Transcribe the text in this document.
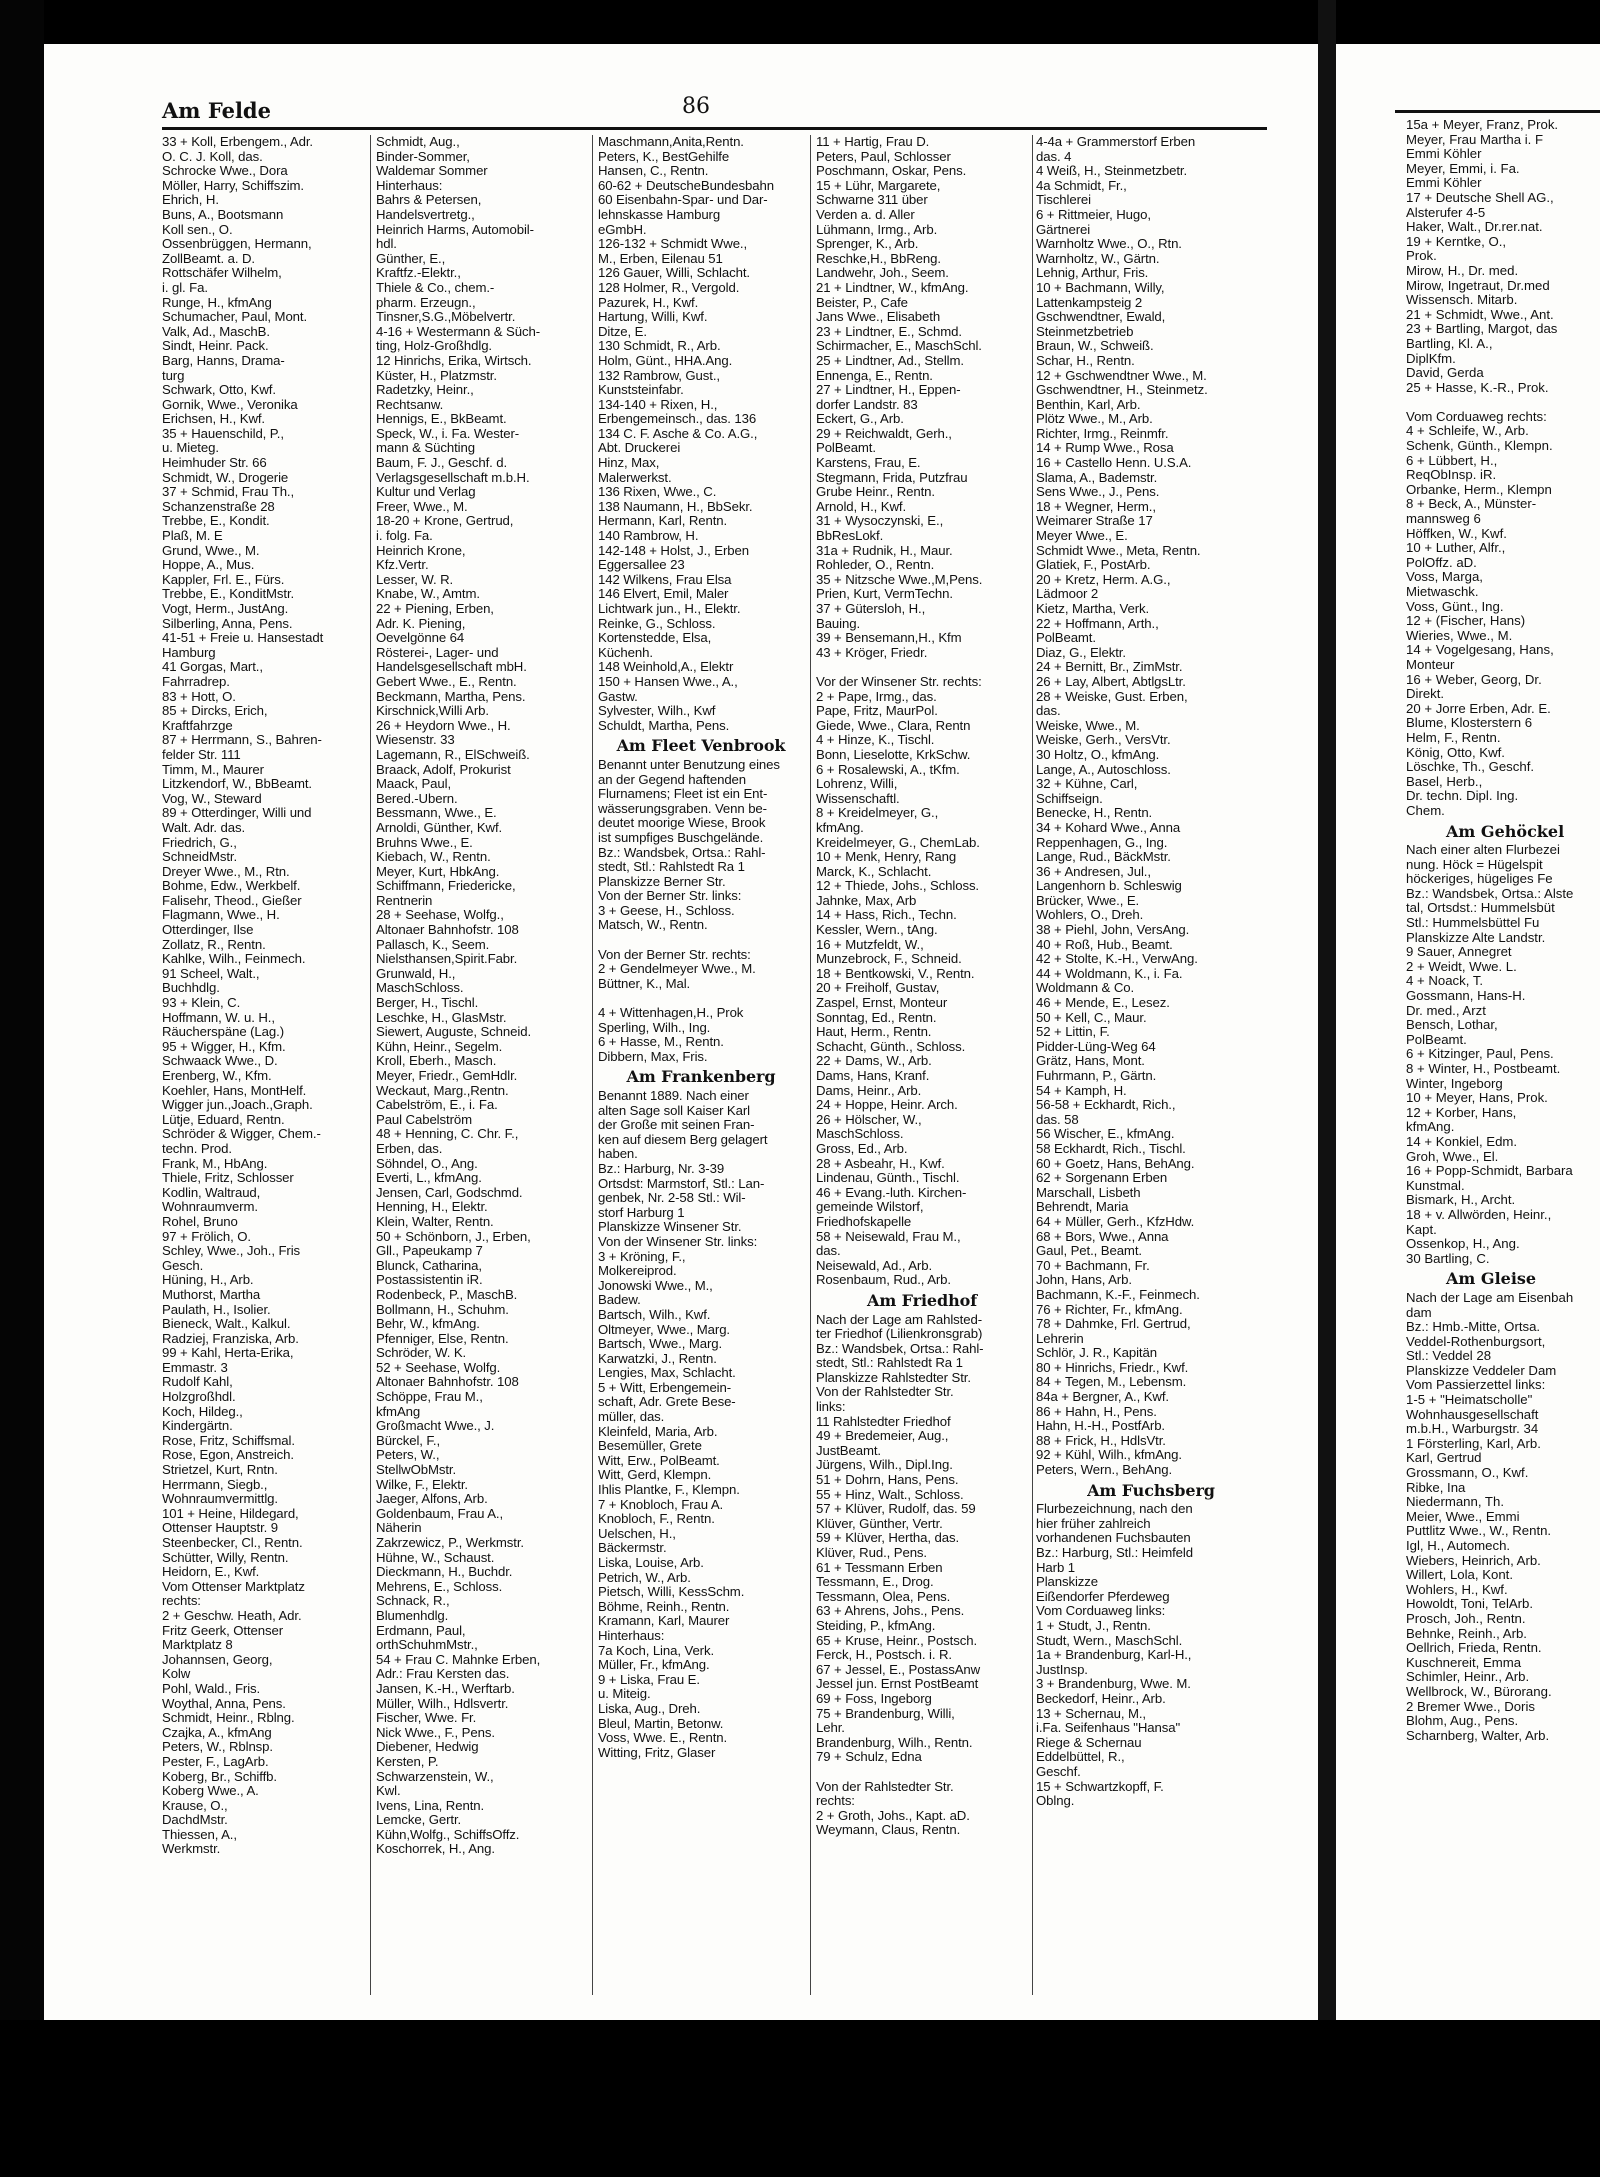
Am Felde	86

33 + Koll, Erbengem., Adr.

O. C. J. Koll, das.

Schrocke Wwe., Dora

Möller, Harry, Schiffszim.

Ehrich, H.

Buns, A., Bootsmann

Koll sen., O.

Ossenbrüggen, Hermann,

ZollBeamt. a. D.

Rottschäfer Wilhelm,

i. gl. Fa.

Runge, H., kfmAng

Schumacher, Paul, Mont.

Valk, Ad., MaschB.

Sindt, Heinr. Pack.

Barg, Hanns, Drama-

turg

Schwark, Otto, Kwf.

Gornik, Wwe., Veronika

Erichsen, H., Kwf.

35 + Hauenschild, P.,

u. Mieteg.

Heimhuder Str. 66

Schmidt, W., Drogerie

37 + Schmid, Frau Th.,

Schanzenstraße 28

Trebbe, E., Kondit.

Plaß, M. E

Grund, Wwe., M.

Hoppe, A., Mus.

Kappler, Frl. E., Fürs.

Trebbe, E., KonditMstr.

Vogt, Herm., JustAng.

Silberling, Anna, Pens.

41-51 + Freie u. Hansestadt

Hamburg

41 Gorgas, Mart.,

Fahrradrep.

83 + Hott, O.

85 + Dircks, Erich,

Kraftfahrzge

87 + Herrmann, S., Bahren-

felder Str. 111

Timm, M., Maurer

Litzkendorf, W., BbBeamt.

Vog, W., Steward

89 + Otterdinger, Willi und

Walt. Adr. das.

Friedrich, G.,

SchneidMstr.

Dreyer Wwe., M., Rtn.

Bohme, Edw., Werkbelf.

Falisehr, Theod., Gießer

Flagmann, Wwe., H.

Otterdinger, Ilse

Zollatz, R., Rentn.

Kahlke, Wilh., Feinmech.

91 Scheel, Walt.,

Buchhdlg.

93 + Klein, C.

Hoffmann, W. u. H.,

Räucherspäne (Lag.)

95 + Wigger, H., Kfm.

Schwaack Wwe., D.

Erenberg, W., Kfm.

Koehler, Hans, MontHelf.

Wigger jun.,Joach.,Graph.

Lütje, Eduard, Rentn.

Schröder & Wigger, Chem.-

techn. Prod.

Frank, M., HbAng.

Thiele, Fritz, Schlosser

Kodlin, Waltraud,

Wohnraumverm.

Rohel, Bruno

97 + Frölich, O.

Schley, Wwe., Joh., Fris

Gesch.

Hüning, H., Arb.

Muthorst, Martha

Paulath, H., Isolier.

Bieneck, Walt., Kalkul.

Radziej, Franziska, Arb.

99 + Kahl, Herta-Erika,

Emmastr. 3

Rudolf Kahl,

Holzgroßhdl.

Koch, Hildeg.,

Kindergärtn.

Rose, Fritz, Schiffsmal.

Rose, Egon, Anstreich.

Strietzel, Kurt, Rntn.

Herrmann, Siegb.,

Wohnraumvermittlg.

101 + Heine, Hildegard,

Ottenser Hauptstr. 9

Steenbecker, Cl., Rentn.

Schütter, Willy, Rentn.

Heidorn, E., Kwf.

Vom Ottenser Marktplatz

rechts:

2 + Geschw. Heath, Adr.

Fritz Geerk, Ottenser

Marktplatz 8

Johannsen, Georg,

Kolw

Pohl, Wald., Fris.

Woythal, Anna, Pens.

Schmidt, Heinr., Rblng.

Czajka, A., kfmAng

Peters, W., Rblnsp.

Pester, F., LagArb.

Koberg, Br., Schiffb.

Koberg Wwe., A.

Krause, O.,

DachdMstr.

Thiessen, A.,

Werkmstr.

Schmidt, Aug.,

Binder-Sommer,

Waldemar Sommer

Hinterhaus:

Bahrs & Petersen,

Handelsvertretg.,

Heinrich Harms, Automobil-

hdl.

Günther, E.,

Kraftfz.-Elektr.,

Thiele & Co., chem.-

pharm. Erzeugn.,

Tinsner,S.G.,Möbelvertr.

4-16 + Westermann & Süch-

ting, Holz-Großhdlg.

12 Hinrichs, Erika, Wirtsch.

Küster, H., Platzmstr.

Radetzky, Heinr.,

Rechtsanw.

Hennigs, E., BkBeamt.

Speck, W., i. Fa. Wester-

mann & Süchting

Baum, F. J., Geschf. d.

Verlagsgesellschaft m.b.H.

Kultur und Verlag

Freer, Wwe., M.

18-20 + Krone, Gertrud,

i. folg. Fa.

Heinrich Krone,

Kfz.Vertr.

Lesser, W. R.

Knabe, W., Amtm.

22 + Piening, Erben,

Adr. K. Piening,

Oevelgönne 64

Rösterei-, Lager- und

Handelsgesellschaft mbH.

Gebert Wwe., E., Rentn.

Beckmann, Martha, Pens.

Kirschnick,Willi Arb.

26 + Heydorn Wwe., H.

Wiesenstr. 33

Lagemann, R., ElSchweiß.

Braack, Adolf, Prokurist

Maack, Paul,

Bered.-Ubern.

Bessmann, Wwe., E.

Arnoldi, Günther, Kwf.

Bruhns Wwe., E.

Kiebach, W., Rentn.

Meyer, Kurt, HbkAng.

Schiffmann, Friedericke,

Rentnerin

28 + Seehase, Wolfg.,

Altonaer Bahnhofstr. 108

Pallasch, K., Seem.

Nielsthansen,Spirit.Fabr.

Grunwald, H.,

MaschSchloss.

Berger, H., Tischl.

Leschke, H., GlasMstr.

Siewert, Auguste, Schneid.

Kühn, Heinr., Segelm.

Kroll, Eberh., Masch.

Meyer, Friedr., GemHdlr.

Weckaut, Marg.,Rentn.

Cabelström, E., i. Fa.

Paul Cabelström

48 + Henning, C. Chr. F.,

Erben, das.

Söhndel, O., Ang.

Everti, L., kfmAng.

Jensen, Carl, Godschmd.

Henning, H., Elektr.

Klein, Walter, Rentn.

50 + Schönborn, J., Erben,

Gll., Papeukamp 7

Blunck, Catharina,

Postassistentin iR.

Rodenbeck, P., MaschB.

Bollmann, H., Schuhm.

Behr, W., kfmAng.

Pfenniger, Else, Rentn.

Schröder, W. K.

52 + Seehase, Wolfg.

Altonaer Bahnhofstr. 108

Schöppe, Frau M.,

kfmAng

Großmacht Wwe., J.

Bürckel, F.,

Peters, W.,

StellwObMstr.

Wilke, F., Elektr.

Jaeger, Alfons, Arb.

Goldenbaum, Frau A.,

Näherin

Zakrzewicz, P., Werkmstr.

Hühne, W., Schaust.

Dieckmann, H., Buchdr.

Mehrens, E., Schloss.

Schnack, R.,

Blumenhdlg.

Erdmann, Paul,

orthSchuhmMstr.,

54 + Frau C. Mahnke Erben,

Adr.: Frau Kersten das.

Jansen, K.-H., Werftarb.

Müller, Wilh., Hdlsvertr.

Fischer, Wwe. Fr.

Nick Wwe., F., Pens.

Diebener, Hedwig

Kersten, P.

Schwarzenstein, W.,

Kwl.

Ivens, Lina, Rentn.

Lemcke, Gertr.

Kühn,Wolfg., SchiffsOffz.

Koschorrek, H., Ang.

Maschmann,Anita,Rentn.

Peters, K., BestGehilfe

Hansen, C., Rentn.

60-62 + DeutscheBundesbahn

60 Eisenbahn-Spar- und Dar-

lehnskasse Hamburg

eGmbH.

126-132 + Schmidt Wwe.,

M., Erben, Eilenau 51

126 Gauer, Willi, Schlacht.

128 Holmer, R., Vergold.

Pazurek, H., Kwf.

Hartung, Willi, Kwf.

Ditze, E.

130 Schmidt, R., Arb.

Holm, Günt., HHA.Ang.

132 Rambrow, Gust.,

Kunststeinfabr.

134-140 + Rixen, H.,

Erbengemeinsch., das. 136

134 C. F. Asche & Co. A.G.,

Abt. Druckerei

Hinz, Max,

Malerwerkst.

136 Rixen, Wwe., C.

138 Naumann, H., BbSekr.

Hermann, Karl, Rentn.

140 Rambrow, H.

142-148 + Holst, J., Erben

Eggersallee 23

142 Wilkens, Frau Elsa

146 Elvert, Emil, Maler

Lichtwark jun., H., Elektr.

Reinke, G., Schloss.

Kortenstedde, Elsa,

Küchenh.

148 Weinhold,A., Elektr

150 + Hansen Wwe., A.,

Gastw.

Sylvester, Wilh., Kwf

Schuldt, Martha, Pens.

Am Fleet Venbrook

Benannt unter Benutzung eines

an der Gegend haftenden

Flurnamens; Fleet ist ein Ent-

wässerungsgraben. Venn be-

deutet moorige Wiese, Brook

ist sumpfiges Buschgelände.

Bz.: Wandsbek, Ortsa.: Rahl-

stedt, Stl.: Rahlstedt Ra 1

Planskizze Berner Str.

Von der Berner Str. links:

3 + Geese, H., Schloss.

Matsch, W., Rentn.

Von der Berner Str. rechts:

2 + Gendelmeyer Wwe., M.

Büttner, K., Mal.

4 + Wittenhagen,H., Prok

Sperling, Wilh., Ing.

6 + Hasse, M., Rentn.

Dibbern, Max, Fris.

Am Frankenberg

Benannt 1889. Nach einer

alten Sage soll Kaiser Karl

der Große mit seinen Fran-

ken auf diesem Berg gelagert

haben.

Bz.: Harburg, Nr. 3-39

Ortsdst: Marmstorf, Stl.: Lan-

genbek, Nr. 2-58 Stl.: Wil-

storf Harburg 1

Planskizze Winsener Str.

Von der Winsener Str. links:

3 + Kröning, F.,

Molkereiprod.

Jonowski Wwe., M.,

Badew.

Bartsch, Wilh., Kwf.

Oltmeyer, Wwe., Marg.

Bartsch, Wwe., Marg.

Karwatzki, J., Rentn.

Lengies, Max, Schlacht.

5 + Witt, Erbengemein-

schaft, Adr. Grete Bese-

müller, das.

Kleinfeld, Maria, Arb.

Besemüller, Grete

Witt, Erw., PolBeamt.

Witt, Gerd, Klempn.

Ihlis Plantke, F., Klempn.

7 + Knobloch, Frau A.

Knobloch, F., Rentn.

Uelschen, H.,

Bäckermstr.

Liska, Louise, Arb.

Petrich, W., Arb.

Pietsch, Willi, KessSchm.

Böhme, Reinh., Rentn.

Kramann, Karl, Maurer

Hinterhaus:

7a Koch, Lina, Verk.

Müller, Fr., kfmAng.

9 + Liska, Frau E.

u. Miteig.

Liska, Aug., Dreh.

Bleul, Martin, Betonw.

Voss, Wwe. E., Rentn.

Witting, Fritz, Glaser

11 + Hartig, Frau D.

Peters, Paul, Schlosser

Poschmann, Oskar, Pens.

15 + Lühr, Margarete,

Schwarne 311 über

Verden a. d. Aller

Lühmann, Irmg., Arb.

Sprenger, K., Arb.

Reschke,H., BbReng.

Landwehr, Joh., Seem.

21 + Lindtner, W., kfmAng.

Beister, P., Cafe

Jans Wwe., Elisabeth

23 + Lindtner, E., Schmd.

Schirmacher, E., MaschSchl.

25 + Lindtner, Ad., Stellm.

Ennenga, E., Rentn.

27 + Lindtner, H., Eppen-

dorfer Landstr. 83

Eckert, G., Arb.

29 + Reichwaldt, Gerh.,

PolBeamt.

Karstens, Frau, E.

Stegmann, Frida, Putzfrau

Grube Heinr., Rentn.

Arnold, H., Kwf.

31 + Wysoczynski, E.,

BbResLokf.

31a + Rudnik, H., Maur.

Rohleder, O., Rentn.

35 + Nitzsche Wwe.,M,Pens.

Prien, Kurt, VermTechn.

37 + Gütersloh, H.,

Bauing.

39 + Bensemann,H., Kfm

43 + Kröger, Friedr.

Vor der Winsener Str. rechts:

2 + Pape, Irmg., das.

Pape, Fritz, MaurPol.

Giede, Wwe., Clara, Rentn

4 + Hinze, K., Tischl.

Bonn, Lieselotte, KrkSchw.

6 + Rosalewski, A., tKfm.

Lohrenz, Willi,

Wissenschaftl.

8 + Kreidelmeyer, G.,

kfmAng.

Kreidelmeyer, G., ChemLab.

10 + Menk, Henry, Rang

Marck, K., Schlacht.

12 + Thiede, Johs., Schloss.

Jahnke, Max, Arb

14 + Hass, Rich., Techn.

Kessler, Wern., tAng.

16 + Mutzfeldt, W.,

Munzebrock, F., Schneid.

18 + Bentkowski, V., Rentn.

20 + Freiholf, Gustav,

Zaspel, Ernst, Monteur

Sonntag, Ed., Rentn.

Haut, Herm., Rentn.

Schacht, Günth., Schloss.

22 + Dams, W., Arb.

Dams, Hans, Kranf.

Dams, Heinr., Arb.

24 + Hoppe, Heinr. Arch.

26 + Hölscher, W.,

MaschSchloss.

Gross, Ed., Arb.

28 + Asbeahr, H., Kwf.

Lindenau, Günth., Tischl.

46 + Evang.-luth. Kirchen-

gemeinde Wilstorf,

Friedhofskapelle

58 + Neisewald, Frau M.,

das.

Neisewald, Ad., Arb.

Rosenbaum, Rud., Arb.

Am Friedhof

Nach der Lage am Rahlsted-

ter Friedhof (Lilienkronsgrab)

Bz.: Wandsbek, Ortsa.: Rahl-

stedt, Stl.: Rahlstedt Ra 1

Planskizze Rahlstedter Str.

Von der Rahlstedter Str.

links:

11 Rahlstedter Friedhof

49 + Bredemeier, Aug.,

JustBeamt.

Jürgens, Wilh., Dipl.Ing.

51 + Dohrn, Hans, Pens.

55 + Hinz, Walt., Schloss.

57 + Klüver, Rudolf, das. 59

Klüver, Günther, Vertr.

59 + Klüver, Hertha, das.

Klüver, Rud., Pens.

61 + Tessmann Erben

Tessmann, E., Drog.

Tessmann, Olea, Pens.

63 + Ahrens, Johs., Pens.

Steiding, P., kfmAng.

65 + Kruse, Heinr., Postsch.

Ferck, H., Postsch. i. R.

67 + Jessel, E., PostassAnw

Jessel jun. Ernst PostBeamt

69 + Foss, Ingeborg

75 + Brandenburg, Willi,

Lehr.

Brandenburg, Wilh., Rentn.

79 + Schulz, Edna

Von der Rahlstedter Str.

rechts:

2 + Groth, Johs., Kapt. aD.

Weymann, Claus, Rentn.

4-4a + Grammerstorf Erben

das. 4

4 Weiß, H., Steinmetzbetr.

4a Schmidt, Fr.,

Tischlerei

6 + Rittmeier, Hugo,

Gärtnerei

Warnholtz Wwe., O., Rtn.

Warnholtz, W., Gärtn.

Lehnig, Arthur, Fris.

10 + Bachmann, Willy,

Lattenkampsteig 2

Gschwendtner, Ewald,

Steinmetzbetrieb

Braun, W., Schweiß.

Schar, H., Rentn.

12 + Gschwendtner Wwe., M.

Gschwendtner, H., Steinmetz.

Benthin, Karl, Arb.

Plötz Wwe., M., Arb.

Richter, Irmg., Reinmfr.

14 + Rump Wwe., Rosa

16 + Castello Henn. U.S.A.

Slama, A., Bademstr.

Sens Wwe., J., Pens.

18 + Wegner, Herm.,

Weimarer Straße 17

Meyer Wwe., E.

Schmidt Wwe., Meta, Rentn.

Glatiek, F., PostArb.

20 + Kretz, Herm. A.G.,

Lädmoor 2

Kietz, Martha, Verk.

22 + Hoffmann, Arth.,

PolBeamt.

Diaz, G., Elektr.

24 + Bernitt, Br., ZimMstr.

26 + Lay, Albert, AbtlgsLtr.

28 + Weiske, Gust. Erben,

das.

Weiske, Wwe., M.

Weiske, Gerh., VersVtr.

30 Holtz, O., kfmAng.

Lange, A., Autoschloss.

32 + Kühne, Carl,

Schiffseign.

Benecke, H., Rentn.

34 + Kohard Wwe., Anna

Reppenhagen, G., Ing.

Lange, Rud., BäckMstr.

36 + Andresen, Jul.,

Langenhorn b. Schleswig

Brücker, Wwe., E.

Wohlers, O., Dreh.

38 + Piehl, John, VersAng.

40 + Roß, Hub., Beamt.

42 + Stolte, K.-H., VerwAng.

44 + Woldmann, K., i. Fa.

Woldmann & Co.

46 + Mende, E., Lesez.

50 + Kell, C., Maur.

52 + Littin, F.

Pidder-Lüng-Weg 64

Grätz, Hans, Mont.

Fuhrmann, P., Gärtn.

54 + Kamph, H.

56-58 + Eckhardt, Rich.,

das. 58

56 Wischer, E., kfmAng.

58 Eckhardt, Rich., Tischl.

60 + Goetz, Hans, BehAng.

62 + Sorgenann Erben

Marschall, Lisbeth

Behrendt, Maria

64 + Müller, Gerh., KfzHdw.

68 + Bors, Wwe., Anna

Gaul, Pet., Beamt.

70 + Bachmann, Fr.

John, Hans, Arb.

Bachmann, K.-F., Feinmech.

76 + Richter, Fr., kfmAng.

78 + Dahmke, Frl. Gertrud,

Lehrerin

Schlör, J. R., Kapitän

80 + Hinrichs, Friedr., Kwf.

84 + Tegen, M., Lebensm.

84a + Bergner, A., Kwf.

86 + Hahn, H., Pens.

Hahn, H.-H., PostfArb.

88 + Frick, H., HdlsVtr.

92 + Kühl, Wilh., kfmAng.

Peters, Wern., BehAng.

Am Fuchsberg

Flurbezeichnung, nach den

hier früher zahlreich

vorhandenen Fuchsbauten

Bz.: Harburg, Stl.: Heimfeld

Harb 1

Planskizze

Eißendorfer Pferdeweg

Vom Corduaweg links:

1 + Studt, J., Rentn.

Studt, Wern., MaschSchl.

1a + Brandenburg, Karl-H.,

JustInsp.

3 + Brandenburg, Wwe. M.

Beckedorf, Heinr., Arb.

13 + Schernau, M.,

i.Fa. Seifenhaus "Hansa"

Riege & Schernau

Eddelbüttel, R.,

Geschf.

15 + Schwartzkopff, F.

Oblng.

15a + Meyer, Franz, Prok.

Meyer, Frau Martha i. F

Emmi Köhler

Meyer, Emmi, i. Fa.

Emmi Köhler

17 + Deutsche Shell AG.,

Alsterufer 4-5

Haker, Walt., Dr.rer.nat.

19 + Kerntke, O.,

Prok.

Mirow, H., Dr. med.

Mirow, Ingetraut, Dr.med

Wissensch. Mitarb.

21 + Schmidt, Wwe., Ant.

23 + Bartling, Margot, das

Bartling, Kl. A.,

DiplKfm.

David, Gerda

25 + Hasse, K.-R., Prok.

Vom Corduaweg rechts:

4 + Schleife, W., Arb.

Schenk, Günth., Klempn.

6 + Lübbert, H.,

ReqObInsp. iR.

Orbanke, Herm., Klempn

8 + Beck, A., Münster-

mannsweg 6

Höffken, W., Kwf.

10 + Luther, Alfr.,

PolOffz. aD.

Voss, Marga,

Mietwaschk.

Voss, Günt., Ing.

12 + (Fischer, Hans)

Wieries, Wwe., M.

14 + Vogelgesang, Hans,

Monteur

16 + Weber, Georg, Dr.

Direkt.

20 + Jorre Erben, Adr. E.

Blume, Klosterstern 6

Helm, F., Rentn.

König, Otto, Kwf.

Löschke, Th., Geschf.

Basel, Herb.,

Dr. techn. Dipl. Ing.

Chem.

Am Gehöckel

Nach einer alten Flurbezei

nung. Höck = Hügelspit

höckeriges, hügeliges Fe

Bz.: Wandsbek, Ortsa.: Alste

tal, Ortsdst.: Hummelsbüt

Stl.: Hummelsbüttel Fu

Planskizze Alte Landstr.

9 Sauer, Annegret

2 + Weidt, Wwe. L.

4 + Noack, T.

Gossmann, Hans-H.

Dr. med., Arzt

Bensch, Lothar,

PolBeamt.

6 + Kitzinger, Paul, Pens.

8 + Winter, H., Postbeamt.

Winter, Ingeborg

10 + Meyer, Hans, Prok.

12 + Korber, Hans,

kfmAng.

14 + Konkiel, Edm.

Groh, Wwe., El.

16 + Popp-Schmidt, Barbara

Kunstmal.

Bismark, H., Archt.

18 + v. Allwörden, Heinr.,

Kapt.

Ossenkop, H., Ang.

30 Bartling, C.

Am Gleise

Nach der Lage am Eisenbah

dam

Bz.: Hmb.-Mitte, Ortsa.

Veddel-Rothenburgsort,

Stl.: Veddel 28

Planskizze Veddeler Dam

Vom Passierzettel links:

1-5 + "Heimatscholle"

Wohnhausgesellschaft

m.b.H., Warburgstr. 34

1 Försterling, Karl, Arb.

Karl, Gertrud

Grossmann, O., Kwf.

Ribke, Ina

Niedermann, Th.

Meier, Wwe., Emmi

Puttlitz Wwe., W., Rentn.

Igl, H., Automech.

Wiebers, Heinrich, Arb.

Willert, Lola, Kont.

Wohlers, H., Kwf.

Howoldt, Toni, TelArb.

Prosch, Joh., Rentn.

Behnke, Reinh., Arb.

Oellrich, Frieda, Rentn.

Kuschnereit, Emma

Schimler, Heinr., Arb.

Wellbrock, W., Bürorang.

2 Bremer Wwe., Doris

Blohm, Aug., Pens.

Scharnberg, Walter, Arb.
